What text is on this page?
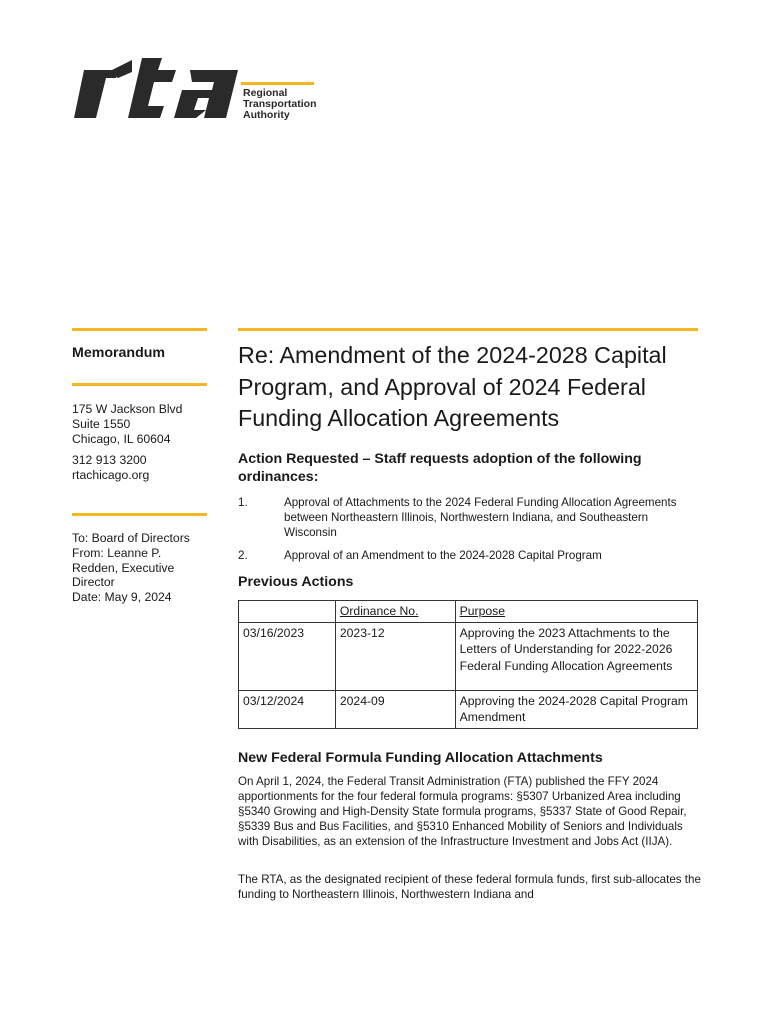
Regional
Transportation
Authority
Memorandum
175 W Jackson Blvd
Suite 1550
Chicago, IL 60604
312 913 3200
rtachicago.org
To: Board of Directors
From: Leanne P. Redden, Executive Director
Date: May 9, 2024
Re: Amendment of the 2024-2028 Capital Program, and Approval of 2024 Federal Funding Allocation Agreements
Action Requested – Staff requests adoption of the following ordinances:
1.	Approval of Attachments to the 2024 Federal Funding Allocation Agreements between Northeastern Illinois, Northwestern Indiana, and Southeastern Wisconsin
2.	Approval of an Amendment to the 2024-2028 Capital Program
Previous Actions
	Ordinance No.	Purpose
03/16/2023	2023-12	Approving the 2023 Attachments to the Letters of Understanding for 2022-2026 Federal Funding Allocation Agreements
03/12/2024	2024-09	Approving the 2024-2028 Capital Program Amendment
New Federal Formula Funding Allocation Attachments
On April 1, 2024, the Federal Transit Administration (FTA) published the FFY 2024 apportionments for the four federal formula programs: §5307 Urbanized Area including §5340 Growing and High-Density State formula programs, §5337 State of Good Repair, §5339 Bus and Bus Facilities, and §5310 Enhanced Mobility of Seniors and Individuals with Disabilities, as an extension of the Infrastructure Investment and Jobs Act (IIJA).
The RTA, as the designated recipient of these federal formula funds, first sub-allocates the funding to Northeastern Illinois, Northwestern Indiana and
